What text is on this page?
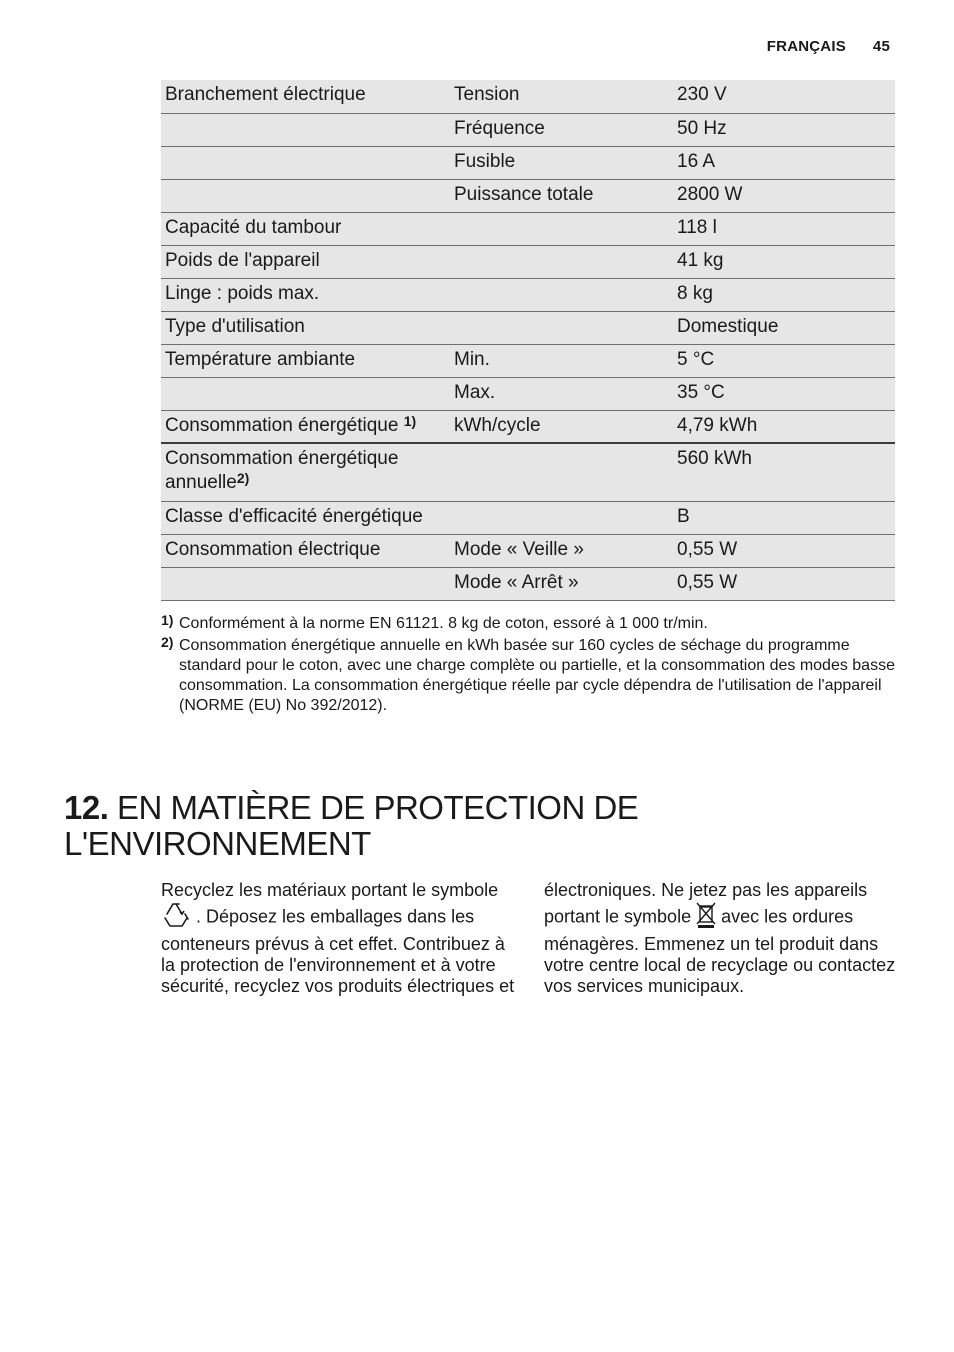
FRANÇAIS 45
Branchement électrique	Tension	230 V
	Fréquence	50 Hz
	Fusible	16 A
	Puissance totale	2800 W
Capacité du tambour		118 l
Poids de l'appareil		41 kg
Linge : poids max.		8 kg
Type d'utilisation		Domestique
Température ambiante	Min.	5 °C
	Max.	35 °C
Consommation énergétique $^{1)}$	kWh/cycle	4,79 kWh
Consommation énergétique annuelle$^{2)}$		560 kWh
Classe d'efficacité énergétique		B
Consommation électrique	Mode « Veille »	0,55 W
	Mode « Arrêt »	0,55 W
1) Conformément à la norme EN 61121. 8 kg de coton, essoré à 1 000 tr/min.
2) Consommation énergétique annuelle en kWh basée sur 160 cycles de séchage du programme standard pour le coton, avec une charge complète ou partielle, et la consommation des modes basse consommation. La consommation énergétique réelle par cycle dépendra de l'utilisation de l'appareil (NORME (EU) No 392/2012).
12. EN MATIÈRE DE PROTECTION DE L'ENVIRONNEMENT

Recyclez les matériaux portant le symbole  . Déposez les emballages dans les conteneurs prévus à cet effet. Contribuez à la protection de l'environnement et à votre sécurité, recyclez vos produits électriques et

électroniques. Ne jetez pas les appareils portant le symbole avec les ordures ménagères. Emmenez un tel produit dans votre centre local de recyclage ou contactez vos services municipaux.
